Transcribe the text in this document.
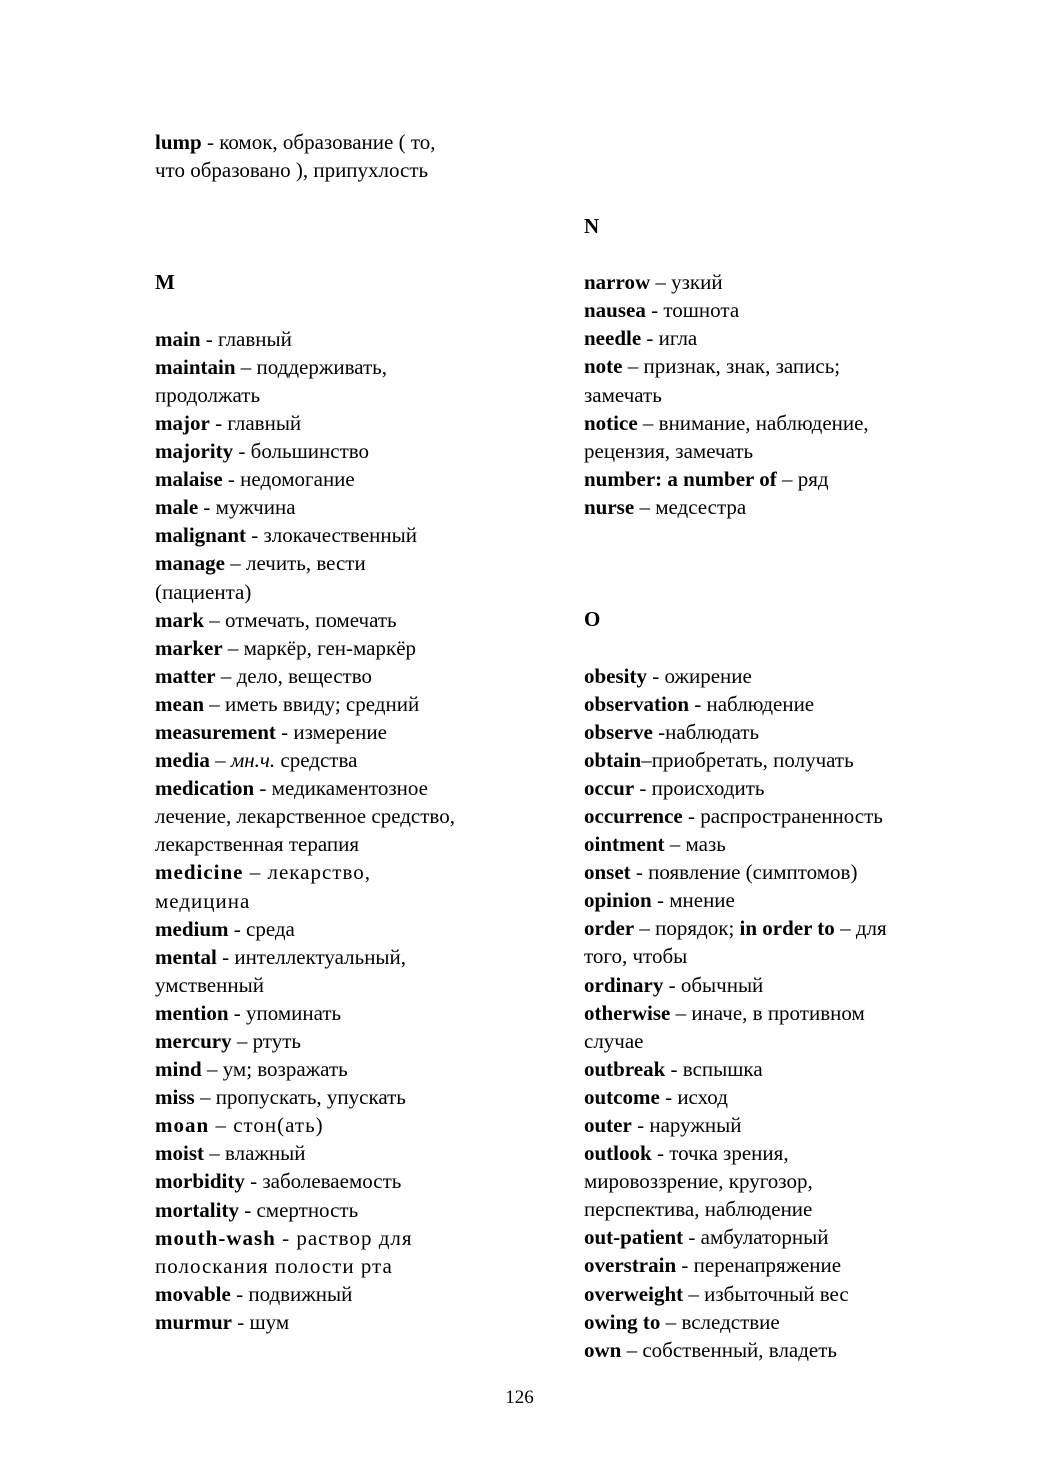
lump - комок, образование ( то,
что образовано ), припухлость

M

main - главный

maintain – поддерживать,
продолжать

major - главный

majority - большинство

malaise - недомогание

male - мужчина

malignant - злокачественный

manage – лечить, вести
(пациента)

mark – отмечать, помечать

marker – маркёр, ген-маркёр

matter – дело, вещество

mean – иметь ввиду; средний

measurement - измерение

media – мн.ч. средства

medication - медикаментозное
лечение, лекарственное средство,
лекарственная терапия

medicine – лекарство,
медицина

medium - среда

mental - интеллектуальный,
умственный

mention - упоминать

mercury – ртуть

mind – ум; возражать

miss – пропускать, упускать

moan – стон(ать)

moist – влажный

morbidity - заболеваемость

mortality - смертность

mouth-wash - раствор для
полоскания полости рта

movable - подвижный

murmur - шум

N

narrow – узкий

nausea - тошнота

needle - игла

note – признак, знак, запись;
замечать

notice – внимание, наблюдение,
рецензия, замечать

number: a number of – ряд

nurse – медсестра

O

obesity - ожирение

observation - наблюдение

observe -наблюдать

obtain–приобретать, получать

occur - происходить

occurrence - распространенность

ointment – мазь

onset - появление (симптомов)

opinion - мнение

order – порядок; in order to – для
того, чтобы

ordinary - обычный

otherwise – иначе, в противном
случае

outbreak - вспышка

outcome - исход

outer - наружный

outlook - точка зрения,
мировоззрение, кругозор,
перспектива, наблюдение

out-patient - амбулаторный

overstrain - перенапряжение

overweight – избыточный вес

owing to – вследствие

own – собственный, владеть

126
